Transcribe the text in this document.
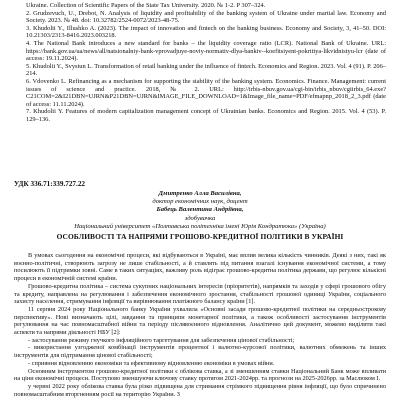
Ukraine. Collection of Scientific Papers of the State Tax University. 2020. № 1-2. P 307–324.

2. Grudzevuch, U., Drebot, N. Analysis of liquidity and profitability of the banking system of Ukraine under martial law. Economy and Society. 2023. № 48. doi: 10.32782/2524-0072/2023-48-75.

3. Khudolii Y., Illushko A. (2023). The impact of innovation and fintech on the banking business. Economy and Society, 3, 41–50. DOI: 10.21303/2313-8416.2023.003218.

4. The National Bank introduces a new standard for banks – the liquidity coverage ratio (LCR). National Bank of Ukraine. URL: https://bank.gov.ua/ua/news/all/natsionalniy-bank-vprovadjuye-noviy-normativ-dlya-bankiv--koefitsiyent-pokrittya-likvidnistyu-lcr (date of access: 19.11.2024).

5. Khudolii Y., Svystun L. Transformation of retail banking under the influence of fintech. Economics and Region. 2023. Vol. 4 (91). P. 206–214.

6. Vdovenko L. Refinancing as a mechanism for supporting the stability of the banking system. Economics. Finance. Management: current issues of science and practice. 2018, № 2. URL: http://irbis-nbuv.gov.ua/cgi-bin/irbis_nbuv/cgiirbis_64.exe?C21COM=2&I21DBN=UJRN&P21DBN=UJRN&IMAGE_FILE_DOWNLOAD=1&Image_file_name=PDF/efmapnp_2018_2_3.pdf (date of access: 11.11.2024).

7. Khudolii Y. Features of modern capitalization management concept of Ukrainian banks. Economics and Region. 2015. Vol. 4 (53). P. 129–136.

УДК 336.71:339.727.22
Дмитренко Алла Василівна,
доктор економічних наук, доцент
Бабець Валентина Андріївна,
здобувачка
Національний університет «Полтавська політехніка імені Юрія Кондратюка» (Україна)
ОСОБЛИВОСТІ ТА НАПРЯМИ ГРОШОВО-КРЕДИТНОЇ ПОЛІТИКИ В УКРАЇНІ

В умовах сьогодення на економічні процеси, які відбуваються в Україні, має вплив велика кількість чинників. Деякі з них, такі як воєнно-політичні, створюють загрозу не лише стабільності, а й ставлять під питання взагалі існування економічної системи, а тому посилюють її підтримки зовні. Саме в таких ситуаціях, важливу роль відіграє грошово-кредитна політика держави, що регулює кількісні процеси в економічній системі країни.

Грошово-кредитна політика – система сукупних національних інтересів (пріоритетів), напрямків та заходів у сфері грошового обігу та кредиту, направлена на регулювання і забезпечення економічного зростання, стабільності грошової одиниці України, соціального захисту населення, стримування інфляції та вирівнювання платіжного балансу країни [1].

11 серпня 2024 року Національного банку України ухвалила «Основні засади грошово-кредитної політики на середньострокову перспективу». Нові визначають цілі, завдання та принципи монетарної політики, а також особливості застосування інструментів регулювання на час повномасштабної війни та періоду післявоєнного відновлення. Аналітично цей документ, можемо виділити такі аспекти та напрями діяльності НБУ [2]:

- застосування режиму гнучкого інфляційного таргетування для забезпечення цінової стабільності;

- використання узгодженої комбінації інструментів процентної і валютно-курсової політики, валютних обмежень та інших інструментів для підтримання цінової стабільності;

- сприяння відновленню економіки та ефективному відновленню економіки в умовах війни.

Основним інструментом грошово-кредитної політики є облікова ставка, а зі зменшенням ставки Національний Банк може впливати на ціни економічні процеси. Поступово зменшуючи ключову ставку протягом 2021-2024рр. та прогнози на 2025-2026рр. за Маслюком І.

у червні 2022 року облікова ставка була різко підвищена для стримання стрімкого підвищення рівня інфляції, що було спричинено повномасштабним вторгненням росії на територію України. З
